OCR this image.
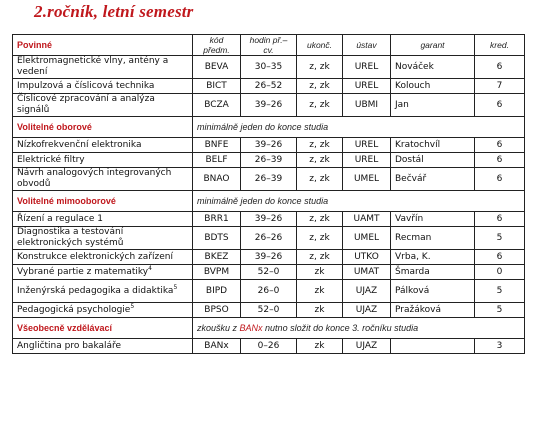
2.ročník, letní semestr
Povinné	kód předm.	hodin př.–cv.	ukonč.	ústav	garant	kred.
Elektromagnetické vlny, antény a vedení	BEVA	30–35	z, zk	UREL	Nováček	6
Impulzová a číslicová technika	BICT	26–52	z, zk	UREL	Kolouch	7
Číslicové zpracování a analýza signálů	BCZA	39–26	z, zk	UBMI	Jan	6
Volitelné oborové	minimálně jeden do konce studia					
Nízkofrekvenční elektronika	BNFE	39–26	z, zk	UREL	Kratochvíl	6
Elektrické filtry	BELF	26–39	z, zk	UREL	Dostál	6
Návrh analogových integrovaných obvodů	BNAO	26–39	z, zk	UMEL	Bečvář	6
Volitelné mimooborové	minimálně jeden do konce studia					
Řízení a regulace 1	BRR1	39–26	z, zk	UAMT	Vavřín	6
Diagnostika a testování elektronických systémů	BDTS	26–26	z, zk	UMEL	Recman	5
Konstrukce elektronických zařízení	BKEZ	39–26	z, zk	UTKO	Vrba, K.	6
Vybrané partie z matematiky$^4$	BVPM	52–0	zk	UMAT	Šmarda	0
Inženýrská pedagogika a didaktika$^5$	BIPD	26–0	zk	UJAZ	Pálková	5
Pedagogická psychologie$^5$	BPSO	52–0	zk	UJAZ	Pražáková	5
Všeobecně vzdělávací	zkoušku z BANx nutno složit do konce 3. ročníku studia					
Angličtina pro bakaláře	BANx	0–26	zk	UJAZ		3
